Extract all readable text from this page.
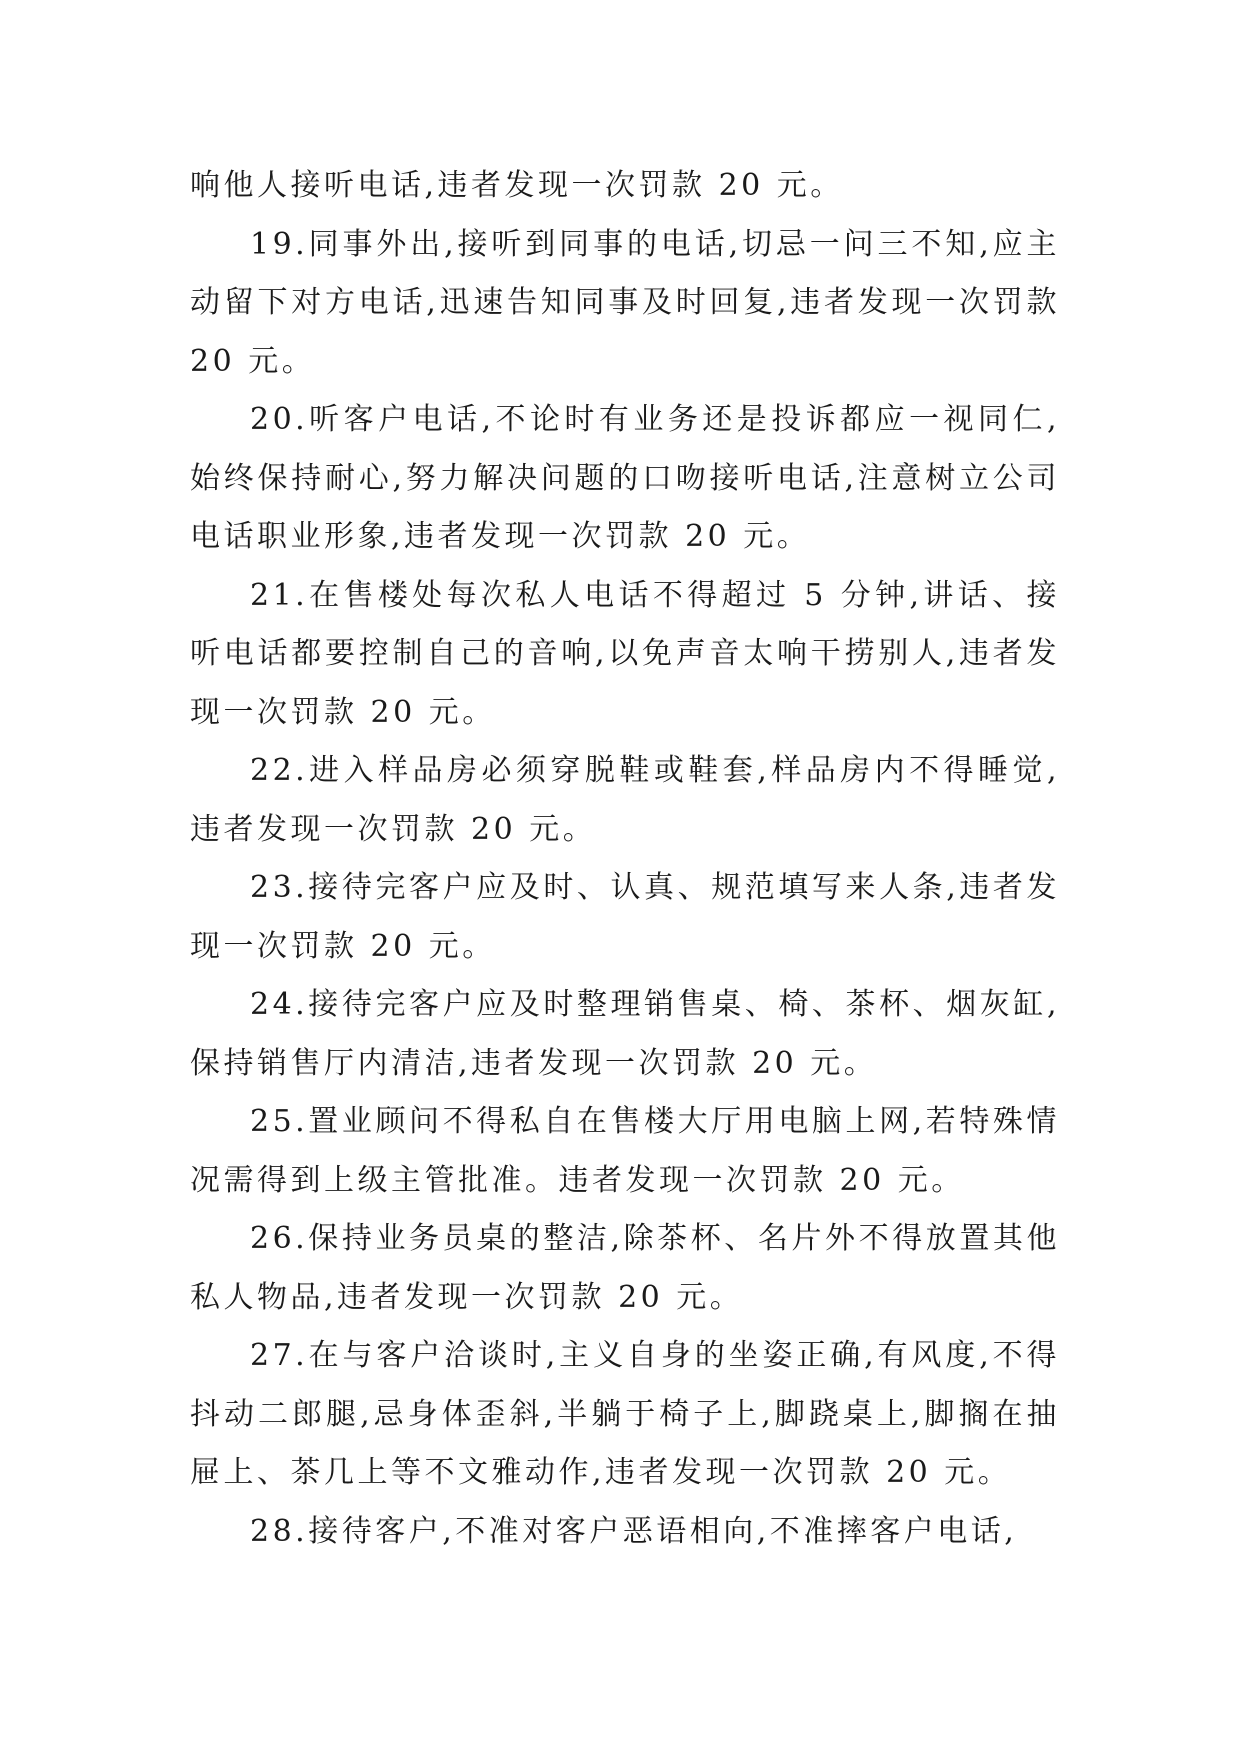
响他人接听电话,违者发现一次罚款 20 元。

19.同事外出,接听到同事的电话,切忌一问三不知,应主动留下对方电话,迅速告知同事及时回复,违者发现一次罚款 20 元。

20.听客户电话,不论时有业务还是投诉都应一视同仁,始终保持耐心,努力解决问题的口吻接听电话,注意树立公司电话职业形象,违者发现一次罚款 20 元。

21.在售楼处每次私人电话不得超过 5 分钟,讲话、接听电话都要控制自己的音响,以免声音太响干捞别人,违者发现一次罚款 20 元。

22.进入样品房必须穿脱鞋或鞋套,样品房内不得睡觉,违者发现一次罚款 20 元。

23.接待完客户应及时、认真、规范填写来人条,违者发现一次罚款 20 元。

24.接待完客户应及时整理销售桌、椅、茶杯、烟灰缸,保持销售厅内清洁,违者发现一次罚款 20 元。

25.置业顾问不得私自在售楼大厅用电脑上网,若特殊情况需得到上级主管批准。违者发现一次罚款 20 元。

26.保持业务员桌的整洁,除茶杯、名片外不得放置其他私人物品,违者发现一次罚款 20 元。

27.在与客户洽谈时,主义自身的坐姿正确,有风度,不得抖动二郎腿,忌身体歪斜,半躺于椅子上,脚跷桌上,脚搁在抽屉上、茶几上等不文雅动作,违者发现一次罚款 20 元。

28.接待客户,不准对客户恶语相向,不准摔客户电话,
